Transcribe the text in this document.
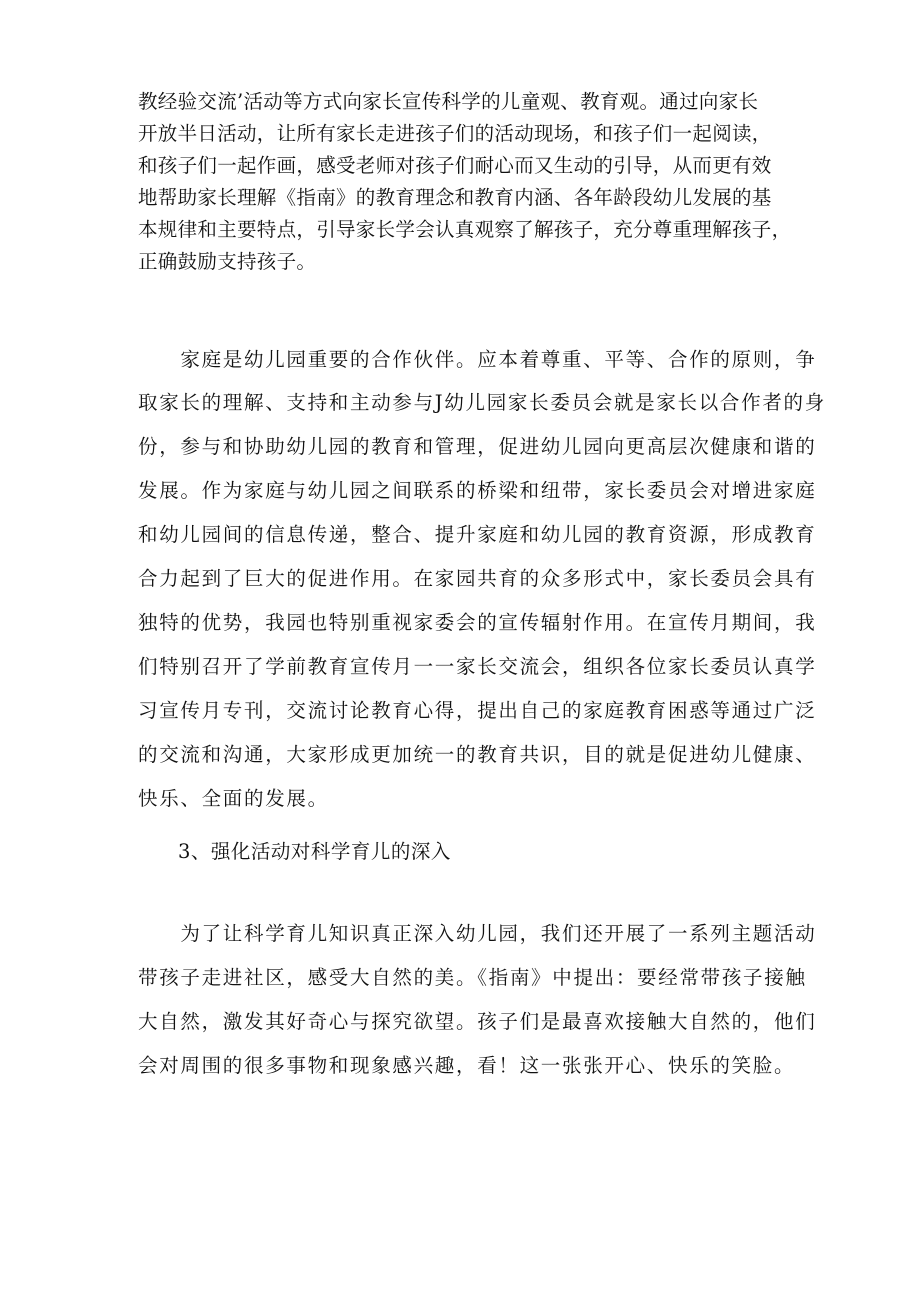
教经验交流’活动等方式向家长宣传科学的儿童观、教育观。通过向家长

开放半日活动，让所有家长走进孩子们的活动现场，和孩子们一起阅读，

和孩子们一起作画，感受老师对孩子们耐心而又生动的引导，从而更有效

地帮助家长理解《指南》的教育理念和教育内涵、各年龄段幼儿发展的基

本规律和主要特点，引导家长学会认真观察了解孩子，充分尊重理解孩子，

正确鼓励支持孩子。

　　家庭是幼儿园重要的合作伙伴。应本着尊重、平等、合作的原则，争

取家长的理解、支持和主动参与J幼儿园家长委员会就是家长以合作者的身

份，参与和协助幼儿园的教育和管理，促进幼儿园向更高层次健康和谐的

发展。作为家庭与幼儿园之间联系的桥梁和纽带，家长委员会对增进家庭

和幼儿园间的信息传递，整合、提升家庭和幼儿园的教育资源，形成教育

合力起到了巨大的促进作用。在家园共育的众多形式中，家长委员会具有

独特的优势，我园也特别重视家委会的宣传辐射作用。在宣传月期间，我

们特别召开了学前教育宣传月一一家长交流会，组织各位家长委员认真学

习宣传月专刊，交流讨论教育心得，提出自己的家庭教育困惑等通过广泛

的交流和沟通，大家形成更加统一的教育共识，目的就是促进幼儿健康、

快乐、全面的发展。

3、强化活动对科学育儿的深入

　　为了让科学育儿知识真正深入幼儿园，我们还开展了一系列主题活动

带孩子走进社区，感受大自然的美。《指南》中提出：要经常带孩子接触

大自然，激发其好奇心与探究欲望。孩子们是最喜欢接触大自然的，他们

会对周围的很多事物和现象感兴趣，看！这一张张开心、快乐的笑脸。
